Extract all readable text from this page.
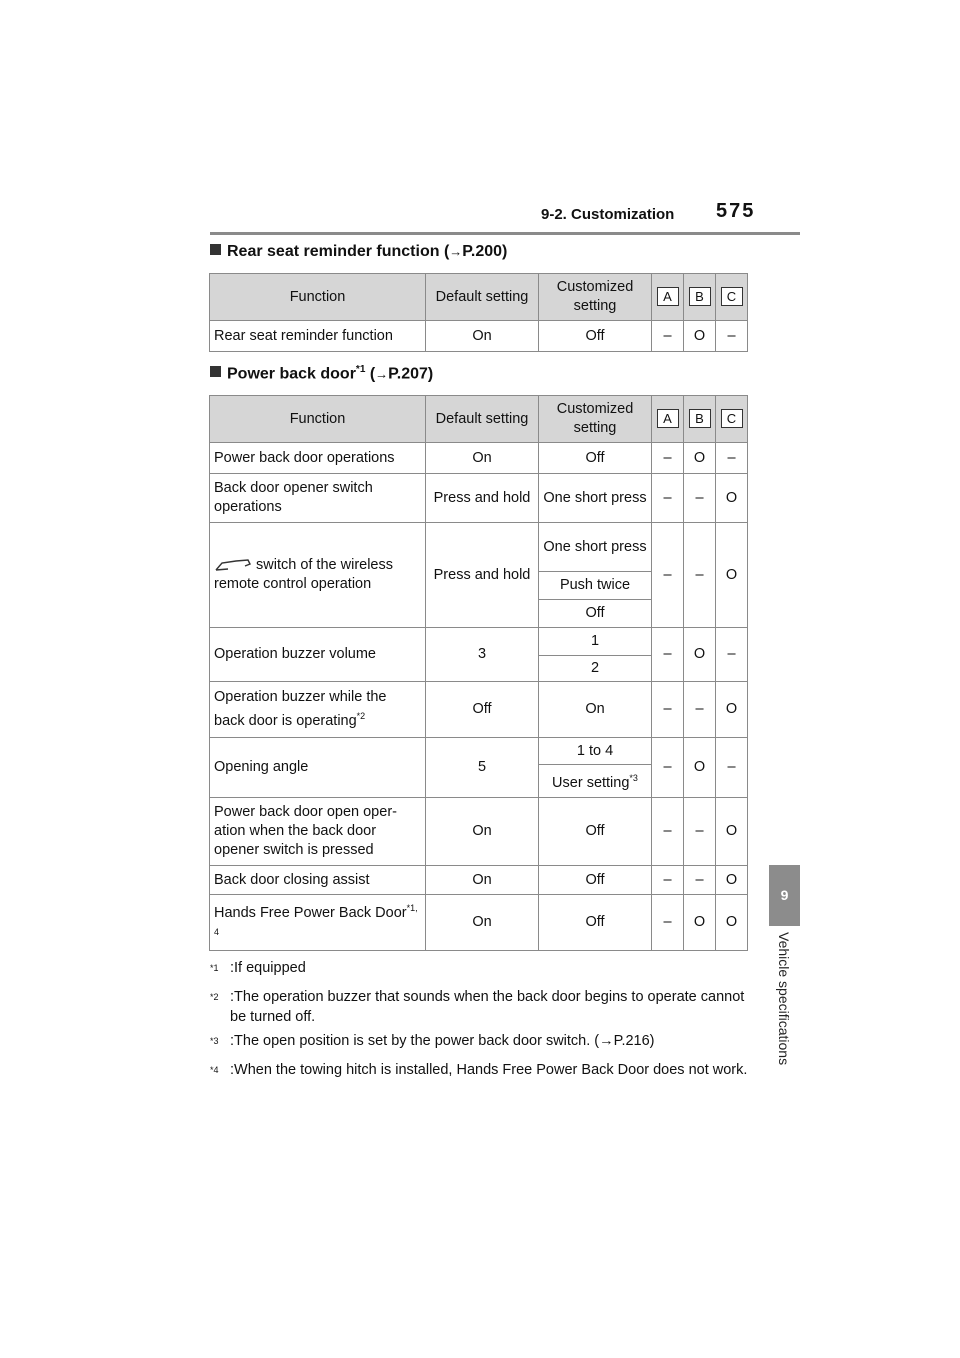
9-2. Customization 575
9
Vehicle specifications
Rear seat reminder function (→P.200)
Function	Default setting	Customized setting	A	B	C
Rear seat reminder function	On	Off	–	O	–
Power back door$^{*1}$ (→P.207)
Function	Default setting	Customized setting	A	B	C
Power back door operations	On	Off	–	O	–
Back door opener switch operations	Press and hold	One short press	–	–	O
switch of the wireless remote control operation	Press and hold	One short press	–	–	O
		Push twice			
		Off			
Operation buzzer volume	3	1	–	O	–
		2			
Operation buzzer while the back door is operating$^{*2}$	Off	On	–	–	O
Opening angle	5	1 to 4	–	O	–
		User setting$^{*3}$
Power back door open oper-
ation when the back door
opener switch is pressed	On	Off	–	–	O
Back door closing assist	On	Off	–	–	O
Hands Free Power Back Door$^{*1, 4}$	On	Off	–	O	O
$^{*1}$ :If equipped
$^{*2}$ :The operation buzzer that sounds when the back door begins to operate cannot be turned off.
$^{*3}$ :The open position is set by the power back door switch. (→P.216)
$^{*4}$ :When the towing hitch is installed, Hands Free Power Back Door does not work.
